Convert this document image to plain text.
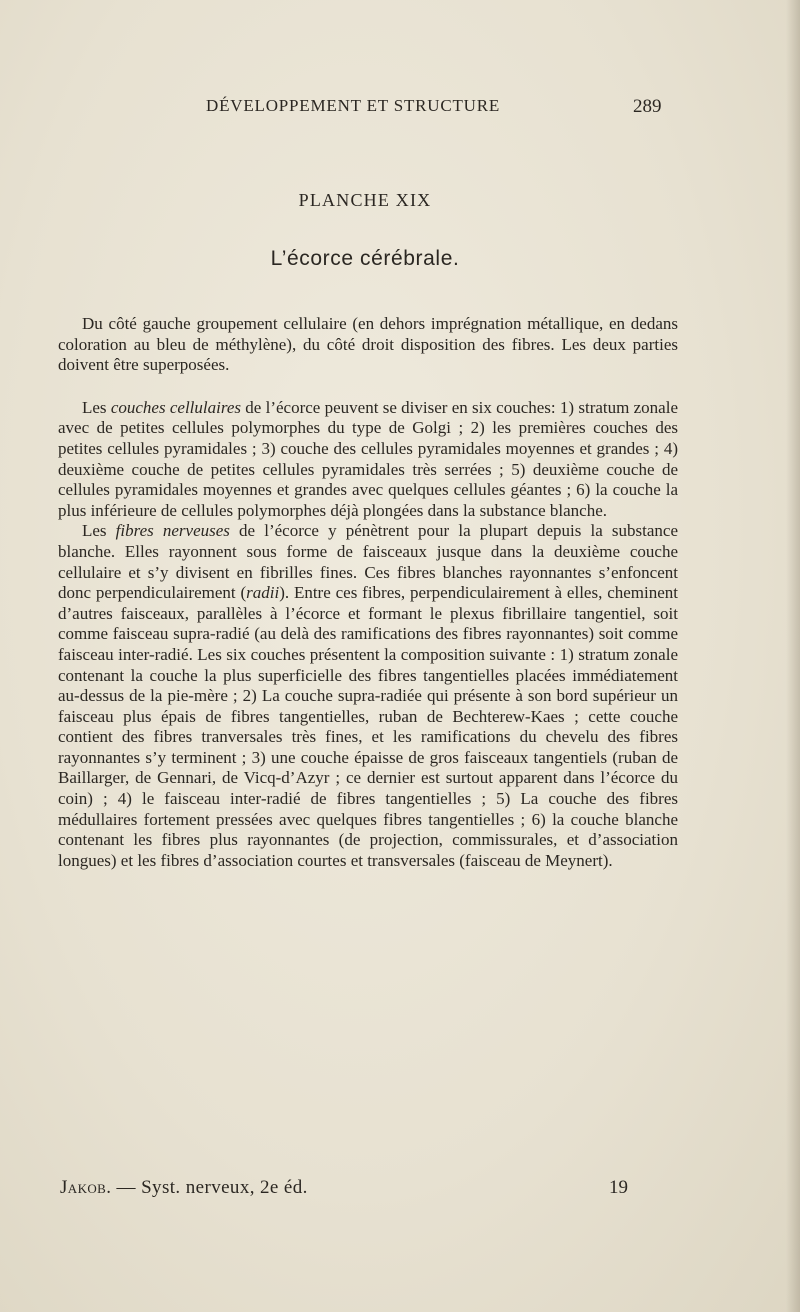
DÉVELOPPEMENT ET STRUCTURE	289
PLANCHE XIX
L’écorce cérébrale.

Du côté gauche groupement cellulaire (en dehors imprégnation métallique, en dedans coloration au bleu de méthylène), du côté droit disposition des fibres. Les deux parties doivent être superposées.

Les couches cellulaires de l’écorce peuvent se diviser en six couches: 1) stratum zonale avec de petites cellules polymorphes du type de Golgi ; 2) les premières couches des petites cellules pyramidales ; 3) couche des cellules pyramidales moyennes et grandes ; 4) deuxième couche de petites cellules pyramidales très serrées ; 5) deuxième couche de cellules pyramidales moyennes et grandes avec quelques cellules géantes ; 6) la couche la plus inférieure de cellules polymorphes déjà plongées dans la substance blanche.

Les fibres nerveuses de l’écorce y pénètrent pour la plupart depuis la substance blanche. Elles rayonnent sous forme de faisceaux jusque dans la deuxième couche cellulaire et s’y divisent en fibrilles fines. Ces fibres blanches rayonnantes s’enfoncent donc perpendiculairement (radii). Entre ces fibres, perpendiculairement à elles, cheminent d’autres faisceaux, parallèles à l’écorce et formant le plexus fibrillaire tangentiel, soit comme faisceau supra-radié (au delà des ramifications des fibres rayonnantes) soit comme faisceau inter-radié. Les six couches présentent la composition suivante : 1) stratum zonale contenant la couche la plus superficielle des fibres tangentielles placées immédiatement au-dessus de la pie-mère ; 2) La couche supra-radiée qui présente à son bord supérieur un faisceau plus épais de fibres tangentielles, ruban de Bechterew-Kaes ; cette couche contient des fibres tranversales très fines, et les ramifications du chevelu des fibres rayonnantes s’y terminent ; 3) une couche épaisse de gros faisceaux tangentiels (ruban de Baillarger, de Gennari, de Vicq-d’Azyr ; ce dernier est surtout apparent dans l’écorce du coin) ; 4) le faisceau inter-radié de fibres tangentielles ; 5) La couche des fibres médullaires fortement pressées avec quelques fibres tangentielles ; 6) la couche blanche contenant les fibres plus rayonnantes (de projection, commissurales, et d’association longues) et les fibres d’association courtes et transversales (faisceau de Meynert).

Jakob. — Syst. nerveux, 2e éd.	19
